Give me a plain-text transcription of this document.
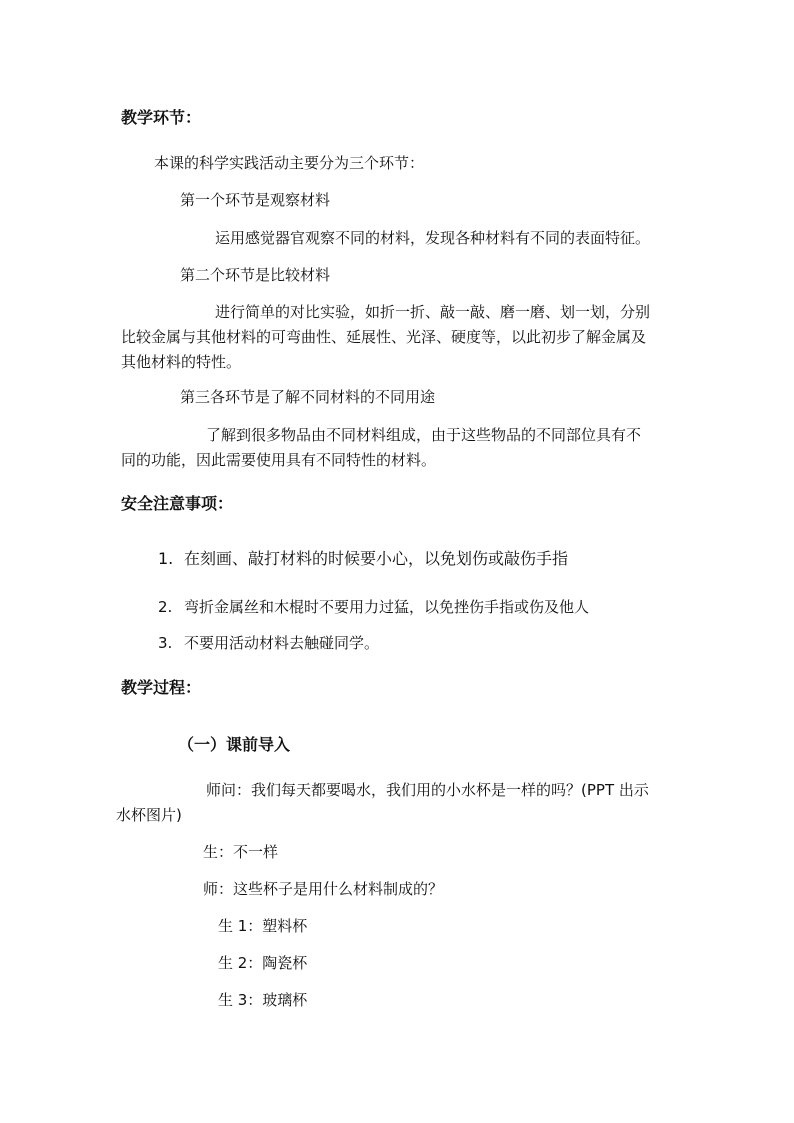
教学环节：
本课的科学实践活动主要分为三个环节：
第一个环节是观察材料
运用感觉器官观察不同的材料，发现各种材料有不同的表面特征。
第二个环节是比较材料
进行简单的对比实验，如折一折、敲一敲、磨一磨、划一划，分别
比较金属与其他材料的可弯曲性、延展性、光泽、硬度等，以此初步了解金属及
其他材料的特性。
第三各环节是了解不同材料的不同用途
了解到很多物品由不同材料组成，由于这些物品的不同部位具有不
同的功能，因此需要使用具有不同特性的材料。
安全注意事项：
1. 在刻画、敲打材料的时候要小心，以免划伤或敲伤手指
2. 弯折金属丝和木棍时不要用力过猛，以免挫伤手指或伤及他人
3. 不要用活动材料去触碰同学。
教学过程：
（一）课前导入
师问：我们每天都要喝水，我们用的小水杯是一样的吗？(PPT 出示
水杯图片)
生：不一样
师：这些杯子是用什么材料制成的？
生 1：塑料杯
生 2：陶瓷杯
生 3：玻璃杯
